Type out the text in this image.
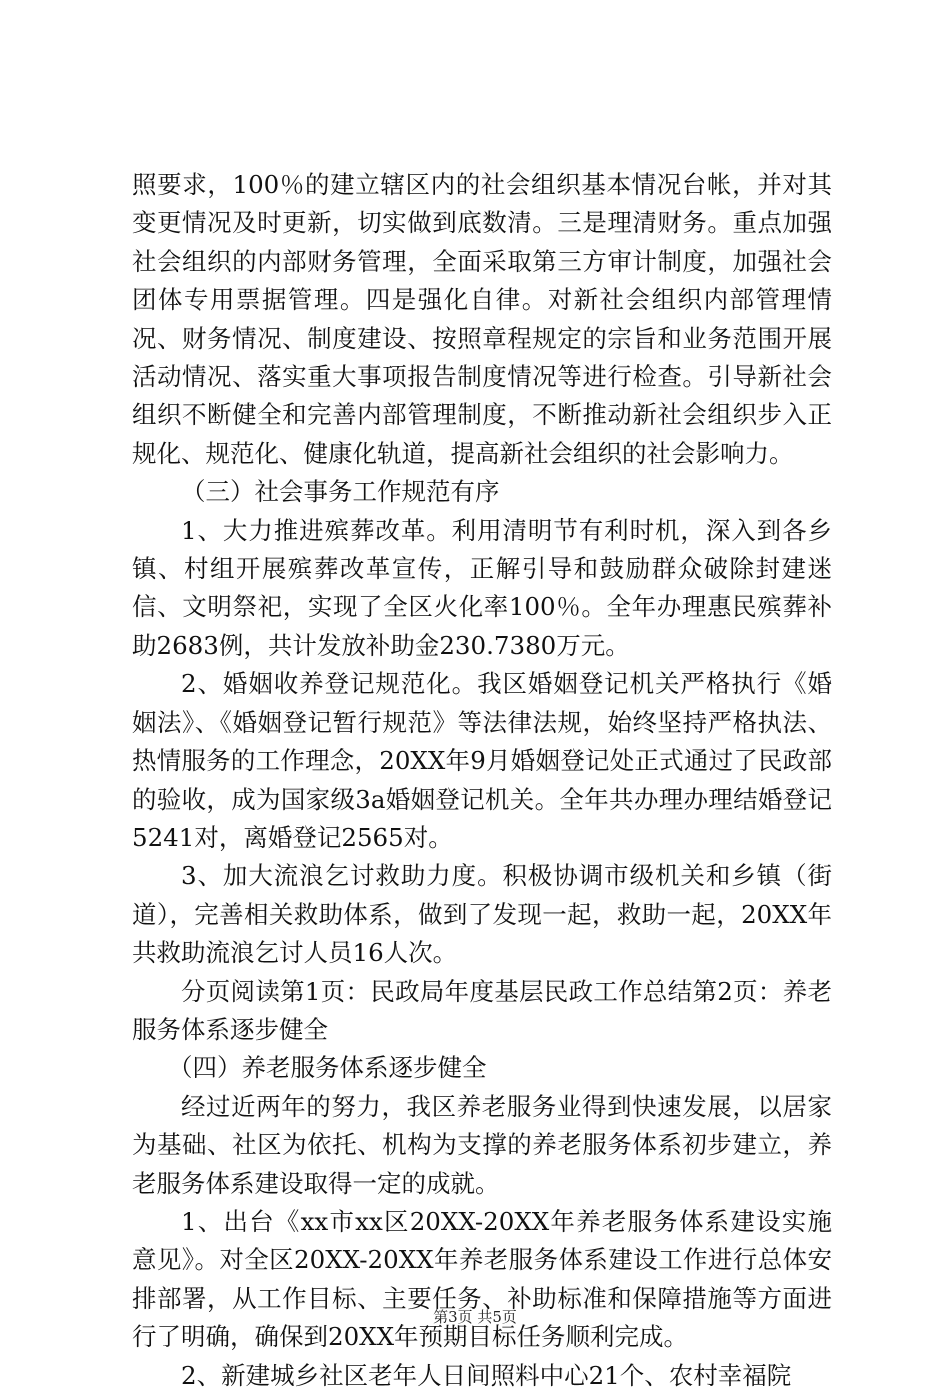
照要求，100％的建立辖区内的社会组织基本情况台帐，并对其变更情况及时更新，切实做到底数清。三是理清财务。重点加强社会组织的内部财务管理，全面采取第三方审计制度，加强社会团体专用票据管理。四是强化自律。对新社会组织内部管理情况、财务情况、制度建设、按照章程规定的宗旨和业务范围开展活动情况、落实重大事项报告制度情况等进行检查。引导新社会组织不断健全和完善内部管理制度，不断推动新社会组织步入正规化、规范化、健康化轨道，提高新社会组织的社会影响力。

（三）社会事务工作规范有序

1、大力推进殡葬改革。利用清明节有利时机，深入到各乡镇、村组开展殡葬改革宣传，正解引导和鼓励群众破除封建迷信、文明祭祀，实现了全区火化率100％。全年办理惠民殡葬补助2683例，共计发放补助金230.7380万元。

2、婚姻收养登记规范化。我区婚姻登记机关严格执行《婚姻法》、《婚姻登记暂行规范》等法律法规，始终坚持严格执法、热情服务的工作理念，20XX年9月婚姻登记处正式通过了民政部的验收，成为国家级3a婚姻登记机关。全年共办理办理结婚登记5241对，离婚登记2565对。

3、加大流浪乞讨救助力度。积极协调市级机关和乡镇（街道），完善相关救助体系，做到了发现一起，救助一起，20XX年共救助流浪乞讨人员16人次。

分页阅读第1页：民政局年度基层民政工作总结第2页：养老服务体系逐步健全

（四）养老服务体系逐步健全

经过近两年的努力，我区养老服务业得到快速发展，以居家为基础、社区为依托、机构为支撑的养老服务体系初步建立，养老服务体系建设取得一定的成就。

1、出台《xx市xx区20XX-20XX年养老服务体系建设实施意见》。对全区20XX-20XX年养老服务体系建设工作进行总体安排部署，从工作目标、主要任务、补助标准和保障措施等方面进行了明确，确保到20XX年预期目标任务顺利完成。

2、新建城乡社区老年人日间照料中心21个、农村幸福院

第3页 共5页
